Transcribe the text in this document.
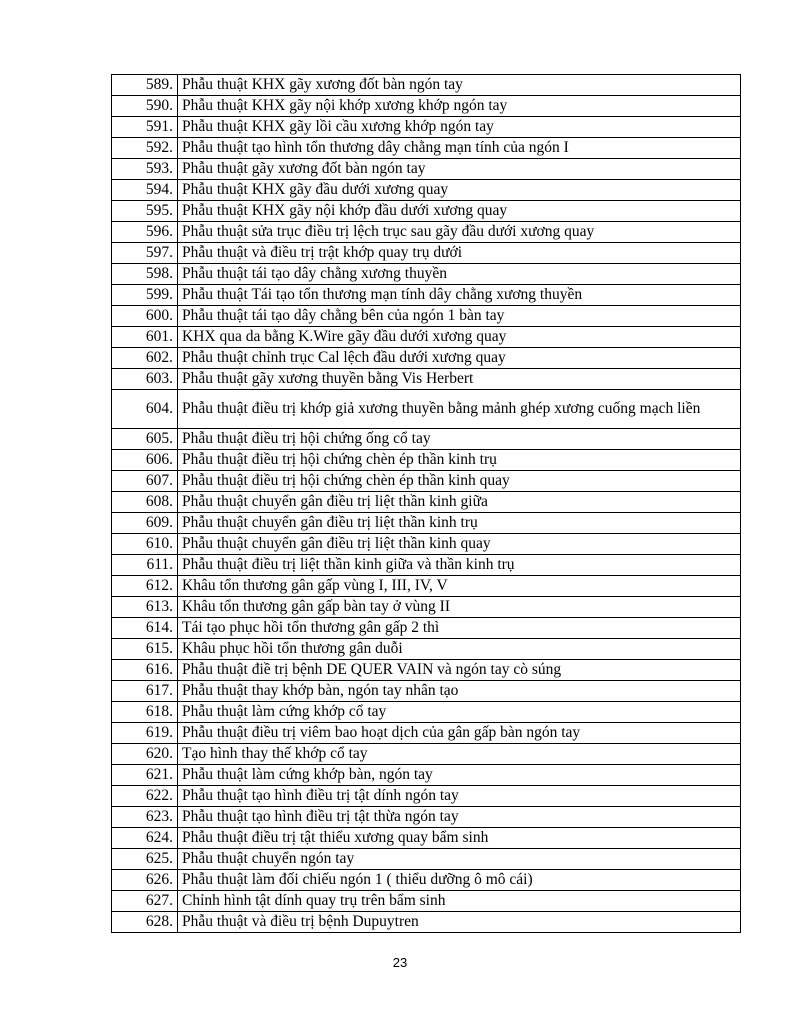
589.	Phẫu thuật KHX gãy xương đốt bàn ngón tay
590.	Phẫu thuật KHX gãy nội khớp xương khớp ngón tay
591.	Phẫu thuật KHX gãy lồi cầu xương khớp ngón tay
592.	Phẫu thuật tạo hình tổn thương dây chằng mạn tính của ngón I
593.	Phẫu thuật gãy xương đốt bàn ngón tay
594.	Phẫu thuật KHX gãy đầu dưới xương quay
595.	Phẫu thuật KHX gãy nội khớp đầu dưới xương quay
596.	Phẫu thuật sửa trục điều trị lệch trục sau gãy đầu dưới xương quay
597.	Phẫu thuật và điều trị trật khớp quay trụ dưới
598.	Phẫu thuật tái tạo dây chằng xương thuyền
599.	Phẫu thuật Tái tạo tổn thương mạn tính dây chằng xương thuyền
600.	Phẫu thuật tái tạo dây chằng bên của ngón 1 bàn tay
601.	KHX qua da bằng K.Wire gãy đầu dưới xương quay
602.	Phẫu thuật chỉnh trục Cal lệch đầu dưới xương quay
603.	Phẫu thuật gãy xương thuyền bằng Vis Herbert
604.	Phẫu thuật điều trị khớp giả xương thuyền bằng mảnh ghép xương cuống mạch liền
605.	Phẫu thuật điều trị hội chứng ống cổ tay
606.	Phẫu thuật điều trị hội chứng chèn ép thần kinh trụ
607.	Phẫu thuật điều trị hội chứng chèn ép thần kinh quay
608.	Phẫu thuật chuyển gân điều trị liệt thần kinh giữa
609.	Phẫu thuật chuyển gân điều trị liệt thần kinh trụ
610.	Phẫu thuật chuyển gân điều trị liệt thần kinh quay
611.	Phẫu thuật điều trị liệt thần kinh giữa và thần kinh trụ
612.	Khâu tổn thương gân gấp vùng I, III, IV, V
613.	Khâu tổn thương gân gấp bàn tay ở vùng II
614.	Tái tạo phục hồi tổn thương gân gấp 2 thì
615.	Khâu phục hồi tổn thương gân duỗi
616.	Phẫu thuật điề trị bệnh DE QUER VAIN và ngón tay cò súng
617.	Phẫu thuật thay khớp bàn, ngón tay nhân tạo
618.	Phẫu thuật làm cứng khớp cổ tay
619.	Phẫu thuật điều trị viêm bao hoạt dịch của gân gấp bàn ngón tay
620.	Tạo hình thay thế khớp cổ tay
621.	Phẫu thuật làm cứng khớp bàn, ngón tay
622.	Phẫu thuật tạo hình điều trị tật dính ngón tay
623.	Phẫu thuật tạo hình điều trị tật thừa ngón tay
624.	Phẫu thuật điều trị tật thiểu xương quay bẩm sinh
625.	Phẫu thuật chuyển ngón tay
626.	Phẫu thuật làm đối chiếu ngón 1 ( thiểu dưỡng ô mô cái)
627.	Chỉnh hình tật dính quay trụ trên bẩm sinh
628.	Phẫu thuật và điều trị bệnh Dupuytren
23
